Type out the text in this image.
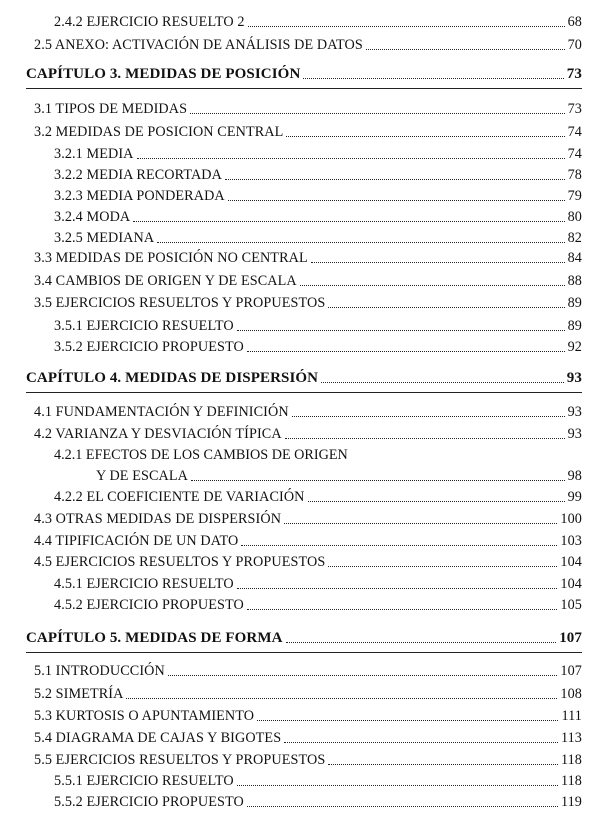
2.4.2 EJERCICIO RESUELTO 2	68
2.5 ANEXO: ACTIVACIÓN DE ANÁLISIS DE DATOS	70
CAPÍTULO 3. MEDIDAS DE POSICIÓN	73
3.1 TIPOS DE MEDIDAS	73
3.2 MEDIDAS DE POSICION CENTRAL	74
3.2.1 MEDIA	74
3.2.2 MEDIA RECORTADA	78
3.2.3 MEDIA PONDERADA	79
3.2.4 MODA	80
3.2.5 MEDIANA	82
3.3 MEDIDAS DE POSICIÓN NO CENTRAL	84
3.4 CAMBIOS DE ORIGEN Y DE ESCALA	88
3.5 EJERCICIOS RESUELTOS Y PROPUESTOS	89
3.5.1 EJERCICIO RESUELTO	89
3.5.2 EJERCICIO PROPUESTO	92
CAPÍTULO 4. MEDIDAS DE DISPERSIÓN	93
4.1 FUNDAMENTACIÓN Y DEFINICIÓN	93
4.2 VARIANZA Y DESVIACIÓN TÍPICA	93
4.2.1 EFECTOS DE LOS CAMBIOS DE ORIGEN
Y DE ESCALA	98
4.2.2 EL COEFICIENTE DE VARIACIÓN	99
4.3 OTRAS MEDIDAS DE DISPERSIÓN	100
4.4 TIPIFICACIÓN DE UN DATO	103
4.5 EJERCICIOS RESUELTOS Y PROPUESTOS	104
4.5.1 EJERCICIO RESUELTO	104
4.5.2 EJERCICIO PROPUESTO	105
CAPÍTULO 5. MEDIDAS DE FORMA	107
5.1 INTRODUCCIÓN	107
5.2 SIMETRÍA	108
5.3 KURTOSIS O APUNTAMIENTO	111
5.4 DIAGRAMA DE CAJAS Y BIGOTES	113
5.5 EJERCICIOS RESUELTOS Y PROPUESTOS	118
5.5.1 EJERCICIO RESUELTO	118
5.5.2 EJERCICIO PROPUESTO	119
